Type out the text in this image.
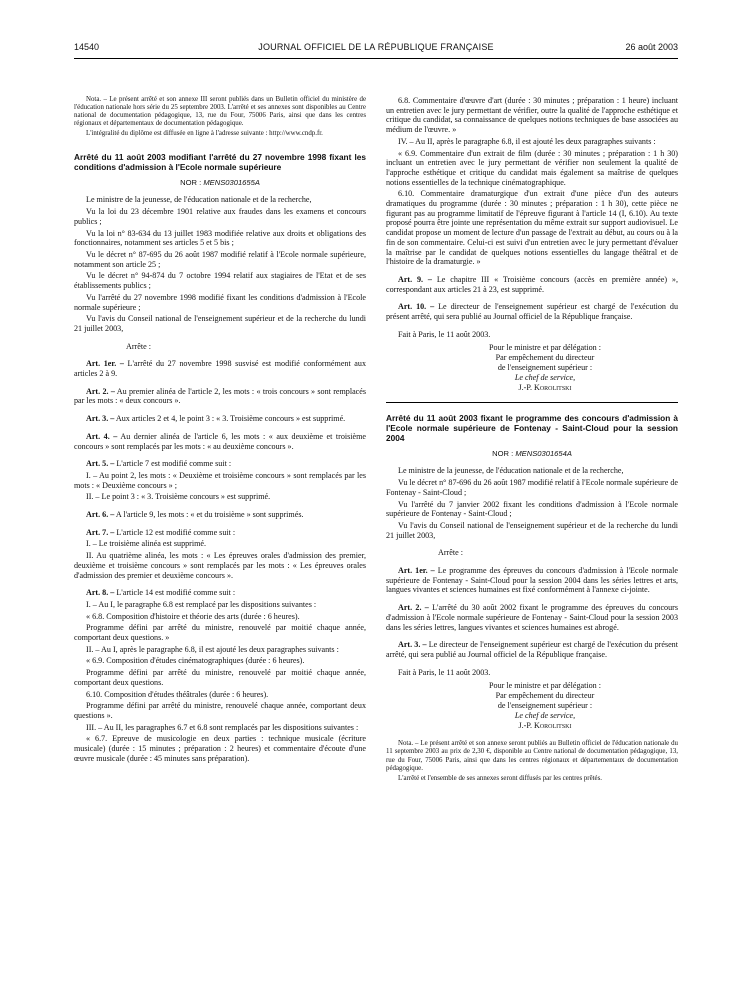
14540	JOURNAL OFFICIEL DE LA RÉPUBLIQUE FRANÇAISE	26 août 2003

Nota. – Le présent arrêté et son annexe III seront publiés dans un Bulletin officiel du ministère de l'éducation nationale hors série du 25 septembre 2003. L'arrêté et ses annexes sont disponibles au Centre national de documentation pédagogique, 13, rue du Four, 75006 Paris, ainsi que dans les centres régionaux et départementaux de documentation pédagogique.

L'intégralité du diplôme est diffusée en ligne à l'adresse suivante : http://www.cndp.fr.

Arrêté du 11 août 2003 modifiant l'arrêté du 27 novembre 1998 fixant les conditions d'admission à l'Ecole normale supérieure
NOR : MENS0301655A

Le ministre de la jeunesse, de l'éducation nationale et de la recherche,

Vu la loi du 23 décembre 1901 relative aux fraudes dans les examens et concours publics ;

Vu la loi n° 83-634 du 13 juillet 1983 modifiée relative aux droits et obligations des fonctionnaires, notamment ses articles 5 et 5 bis ;

Vu le décret n° 87-695 du 26 août 1987 modifié relatif à l'Ecole normale supérieure, notamment son article 25 ;

Vu le décret n° 94-874 du 7 octobre 1994 relatif aux stagiaires de l'Etat et de ses établissements publics ;

Vu l'arrêté du 27 novembre 1998 modifié fixant les conditions d'admission à l'Ecole normale supérieure ;

Vu l'avis du Conseil national de l'enseignement supérieur et de la recherche du lundi 21 juillet 2003,

Arrête :

Art. 1er. – L'arrêté du 27 novembre 1998 susvisé est modifié conformément aux articles 2 à 9.

Art. 2. – Au premier alinéa de l'article 2, les mots : « trois concours » sont remplacés par les mots : « deux concours ».

Art. 3. – Aux articles 2 et 4, le point 3 : « 3. Troisième concours » est supprimé.

Art. 4. – Au dernier alinéa de l'article 6, les mots : « aux deuxième et troisième concours » sont remplacés par les mots : « au deuxième concours ».

Art. 5. – L'article 7 est modifié comme suit :

I. – Au point 2, les mots : « Deuxième et troisième concours » sont remplacés par les mots : « Deuxième concours » ;

II. – Le point 3 : « 3. Troisième concours » est supprimé.

Art. 6. – A l'article 9, les mots : « et du troisième » sont supprimés.

Art. 7. – L'article 12 est modifié comme suit :

I. – Le troisième alinéa est supprimé.

II. Au quatrième alinéa, les mots : « Les épreuves orales d'admission des premier, deuxième et troisième concours » sont remplacés par les mots : « Les épreuves orales d'admission des premier et deuxième concours ».

Art. 8. – L'article 14 est modifié comme suit :

I. – Au I, le paragraphe 6.8 est remplacé par les dispositions suivantes :

« 6.8. Composition d'histoire et théorie des arts (durée : 6 heures).

Programme défini par arrêté du ministre, renouvelé par moitié chaque année, comportant deux questions. »

II. – Au I, après le paragraphe 6.8, il est ajouté les deux paragraphes suivants :

« 6.9. Composition d'études cinématographiques (durée : 6 heures).

Programme défini par arrêté du ministre, renouvelé par moitié chaque année, comportant deux questions.

6.10. Composition d'études théâtrales (durée : 6 heures).

Programme défini par arrêté du ministre, renouvelé chaque année, comportant deux questions ».

III. – Au II, les paragraphes 6.7 et 6.8 sont remplacés par les dispositions suivantes :

« 6.7. Epreuve de musicologie en deux parties : technique musicale (écriture musicale) (durée : 15 minutes ; préparation : 2 heures) et commentaire d'écoute d'une œuvre musicale (durée : 45 minutes sans préparation).

6.8. Commentaire d'œuvre d'art (durée : 30 minutes ; préparation : 1 heure) incluant un entretien avec le jury permettant de vérifier, outre la qualité de l'approche esthétique et critique du candidat, sa connaissance de quelques notions techniques de base associées au médium de l'œuvre. »

IV. – Au II, après le paragraphe 6.8, il est ajouté les deux paragraphes suivants :

« 6.9. Commentaire d'un extrait de film (durée : 30 minutes ; préparation : 1 h 30) incluant un entretien avec le jury permettant de vérifier non seulement la qualité de l'approche esthétique et critique du candidat mais également sa maîtrise de quelques notions essentielles de la technique cinématographique.

6.10. Commentaire dramaturgique d'un extrait d'une pièce d'un des auteurs dramatiques du programme (durée : 30 minutes ; préparation : 1 h 30), cette pièce ne figurant pas au programme limitatif de l'épreuve figurant à l'article 14 (I, 6.10). Au texte proposé pourra être jointe une représentation du même extrait sur support audiovisuel. Le candidat propose un moment de lecture d'un passage de l'extrait au début, au cours ou à la fin de son commentaire. Celui-ci est suivi d'un entretien avec le jury permettant d'évaluer la maîtrise par le candidat de quelques notions essentielles du langage théâtral et de l'histoire de la dramaturgie. »

Art. 9. – Le chapitre III « Troisième concours (accès en première année) », correspondant aux articles 21 à 23, est supprimé.

Art. 10. – Le directeur de l'enseignement supérieur est chargé de l'exécution du présent arrêté, qui sera publié au Journal officiel de la République française.

Fait à Paris, le 11 août 2003.

Pour le ministre et par délégation :
Par empêchement du directeur
de l'enseignement supérieur :
Le chef de service,
J.-P. Korolitski
Arrêté du 11 août 2003 fixant le programme des concours d'admission à l'Ecole normale supérieure de Fontenay - Saint-Cloud pour la session 2004
NOR : MENS0301654A

Le ministre de la jeunesse, de l'éducation nationale et de la recherche,

Vu le décret n° 87-696 du 26 août 1987 modifié relatif à l'Ecole normale supérieure de Fontenay - Saint-Cloud ;

Vu l'arrêté du 7 janvier 2002 fixant les conditions d'admission à l'Ecole normale supérieure de Fontenay - Saint-Cloud ;

Vu l'avis du Conseil national de l'enseignement supérieur et de la recherche du lundi 21 juillet 2003,

Arrête :

Art. 1er. – Le programme des épreuves du concours d'admission à l'Ecole normale supérieure de Fontenay - Saint-Cloud pour la session 2004 dans les séries lettres et arts, langues vivantes et sciences humaines est fixé conformément à l'annexe ci-jointe.

Art. 2. – L'arrêté du 30 août 2002 fixant le programme des épreuves du concours d'admission à l'Ecole normale supérieure de Fontenay - Saint-Cloud pour la session 2003 dans les séries lettres, langues vivantes et sciences humaines est abrogé.

Art. 3. – Le directeur de l'enseignement supérieur est chargé de l'exécution du présent arrêté, qui sera publié au Journal officiel de la République française.

Fait à Paris, le 11 août 2003.

Pour le ministre et par délégation :
Par empêchement du directeur
de l'enseignement supérieur :
Le chef de service,
J.-P. Korolitski

Nota. – Le présent arrêté et son annexe seront publiés au Bulletin officiel de l'éducation nationale du 11 septembre 2003 au prix de 2,30 €, disponible au Centre national de documentation pédagogique, 13, rue du Four, 75006 Paris, ainsi que dans les centres régionaux et départementaux de documentation pédagogique.

L'arrêté et l'ensemble de ses annexes seront diffusés par les centres prêtés.
